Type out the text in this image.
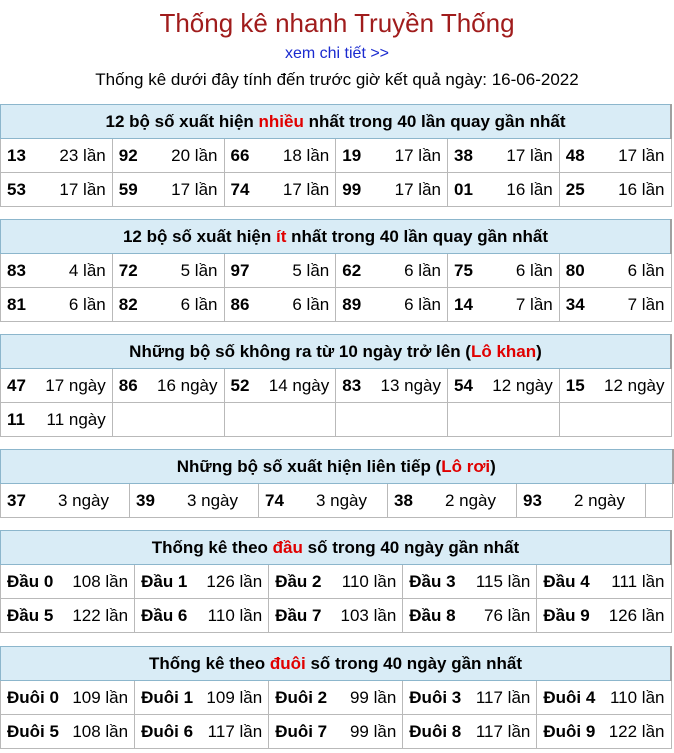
Thống kê nhanh Truyền Thống
xem chi tiết >>
Thống kê dưới đây tính đến trước giờ kết quả ngày: 16-06-2022
12 bộ số xuất hiện nhiều nhất trong 40 lần quay gần nhất					

13 23 lần	92 20 lần	66 18 lần	19 17 lần	38 17 lần	48 17 lần

53 17 lần	59 17 lần	74 17 lần	99 17 lần	01 16 lần	25 16 lần
12 bộ số xuất hiện ít nhất trong 40 lần quay gần nhất					

83 4 lần	72 5 lần	97 5 lần	62 6 lần	75 6 lần	80 6 lần

81 6 lần	82 6 lần	86 6 lần	89 6 lần	14 7 lần	34 7 lần
Những bộ số không ra từ 10 ngày trở lên (Lô khan)					

47 17 ngày	86 16 ngày	52 14 ngày	83 13 ngày	54 12 ngày	15 12 ngày

11 11 ngày					

Những bộ số xuất hiện liên tiếp (Lô rơi)

37 3 ngày	39 3 ngày	74 3 ngày	38 2 ngày	93 2 ngày

Thống kê theo đầu số trong 40 ngày gần nhất				

Đầu 0 108 lần	Đầu 1 126 lần	Đầu 2 110 lần	Đầu 3 115 lần	Đầu 4 111 lần

Đầu 5 122 lần	Đầu 6 110 lần	Đầu 7 103 lần	Đầu 8 76 lần	Đầu 9 126 lần
Thống kê theo đuôi số trong 40 ngày gần nhất				

Đuôi 0 109 lần	Đuôi 1 109 lần	Đuôi 2 99 lần	Đuôi 3 117 lần	Đuôi 4 110 lần

Đuôi 5 108 lần	Đuôi 6 117 lần	Đuôi 7 99 lần	Đuôi 8 117 lần	Đuôi 9 122 lần
